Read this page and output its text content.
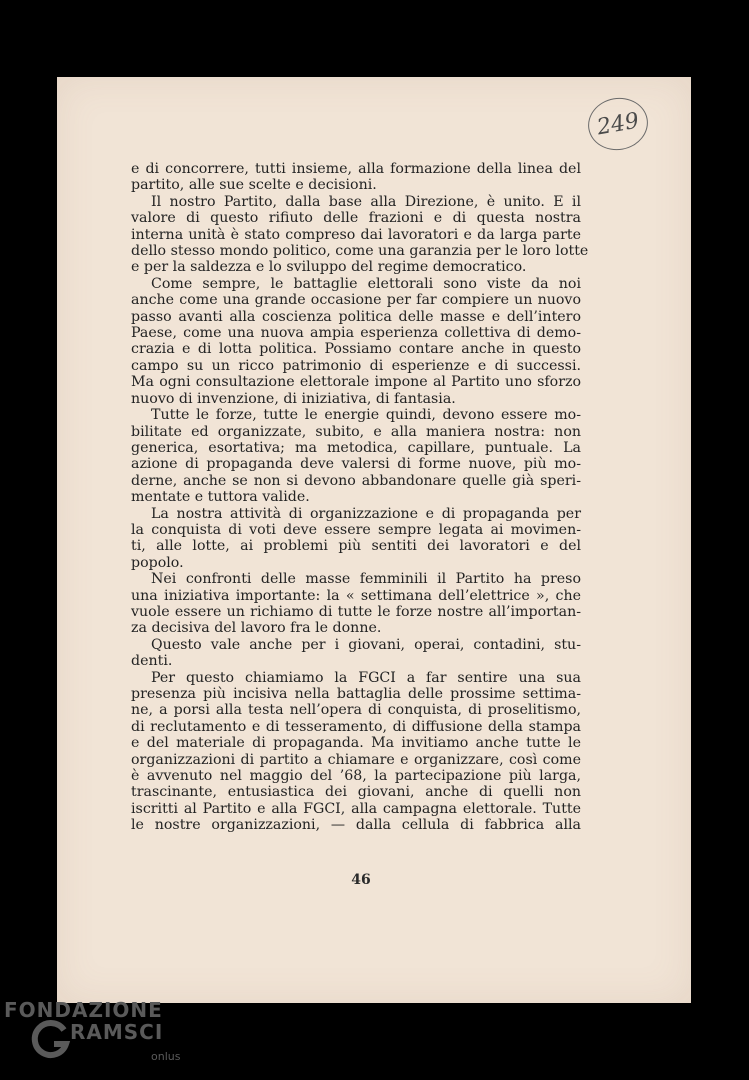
249
e di concorrere, tutti insieme, alla formazione della linea del
partito, alle sue scelte e decisioni.
Il nostro Partito, dalla base alla Direzione, è unito. E il
valore di questo rifiuto delle frazioni e di questa nostra
interna unità è stato compreso dai lavoratori e da larga parte
dello stesso mondo politico, come una garanzia per le loro lotte
e per la saldezza e lo sviluppo del regime democratico.
Come sempre, le battaglie elettorali sono viste da noi
anche come una grande occasione per far compiere un nuovo
passo avanti alla coscienza politica delle masse e dell’intero
Paese, come una nuova ampia esperienza collettiva di demo-
crazia e di lotta politica. Possiamo contare anche in questo
campo su un ricco patrimonio di esperienze e di successi.
Ma ogni consultazione elettorale impone al Partito uno sforzo
nuovo di invenzione, di iniziativa, di fantasia.
Tutte le forze, tutte le energie quindi, devono essere mo-
bilitate ed organizzate, subito, e alla maniera nostra: non
generica, esortativa; ma metodica, capillare, puntuale. La
azione di propaganda deve valersi di forme nuove, più mo-
derne, anche se non si devono abbandonare quelle già speri-
mentate e tuttora valide.
La nostra attività di organizzazione e di propaganda per
la conquista di voti deve essere sempre legata ai movimen-
ti, alle lotte, ai problemi più sentiti dei lavoratori e del
popolo.
Nei confronti delle masse femminili il Partito ha preso
una iniziativa importante: la « settimana dell’elettrice », che
vuole essere un richiamo di tutte le forze nostre all’importan-
za decisiva del lavoro fra le donne.
Questo vale anche per i giovani, operai, contadini, stu-
denti.
Per questo chiamiamo la FGCI a far sentire una sua
presenza più incisiva nella battaglia delle prossime settima-
ne, a porsi alla testa nell’opera di conquista, di proselitismo,
di reclutamento e di tesseramento, di diffusione della stampa
e del materiale di propaganda. Ma invitiamo anche tutte le
organizzazioni di partito a chiamare e organizzare, così come
è avvenuto nel maggio del ’68, la partecipazione più larga,
trascinante, entusiastica dei giovani, anche di quelli non
iscritti al Partito e alla FGCI, alla campagna elettorale. Tutte
le nostre organizzazioni, — dalla cellula di fabbrica alla
46
FONDAZIONE
RAMSCI
onlus
